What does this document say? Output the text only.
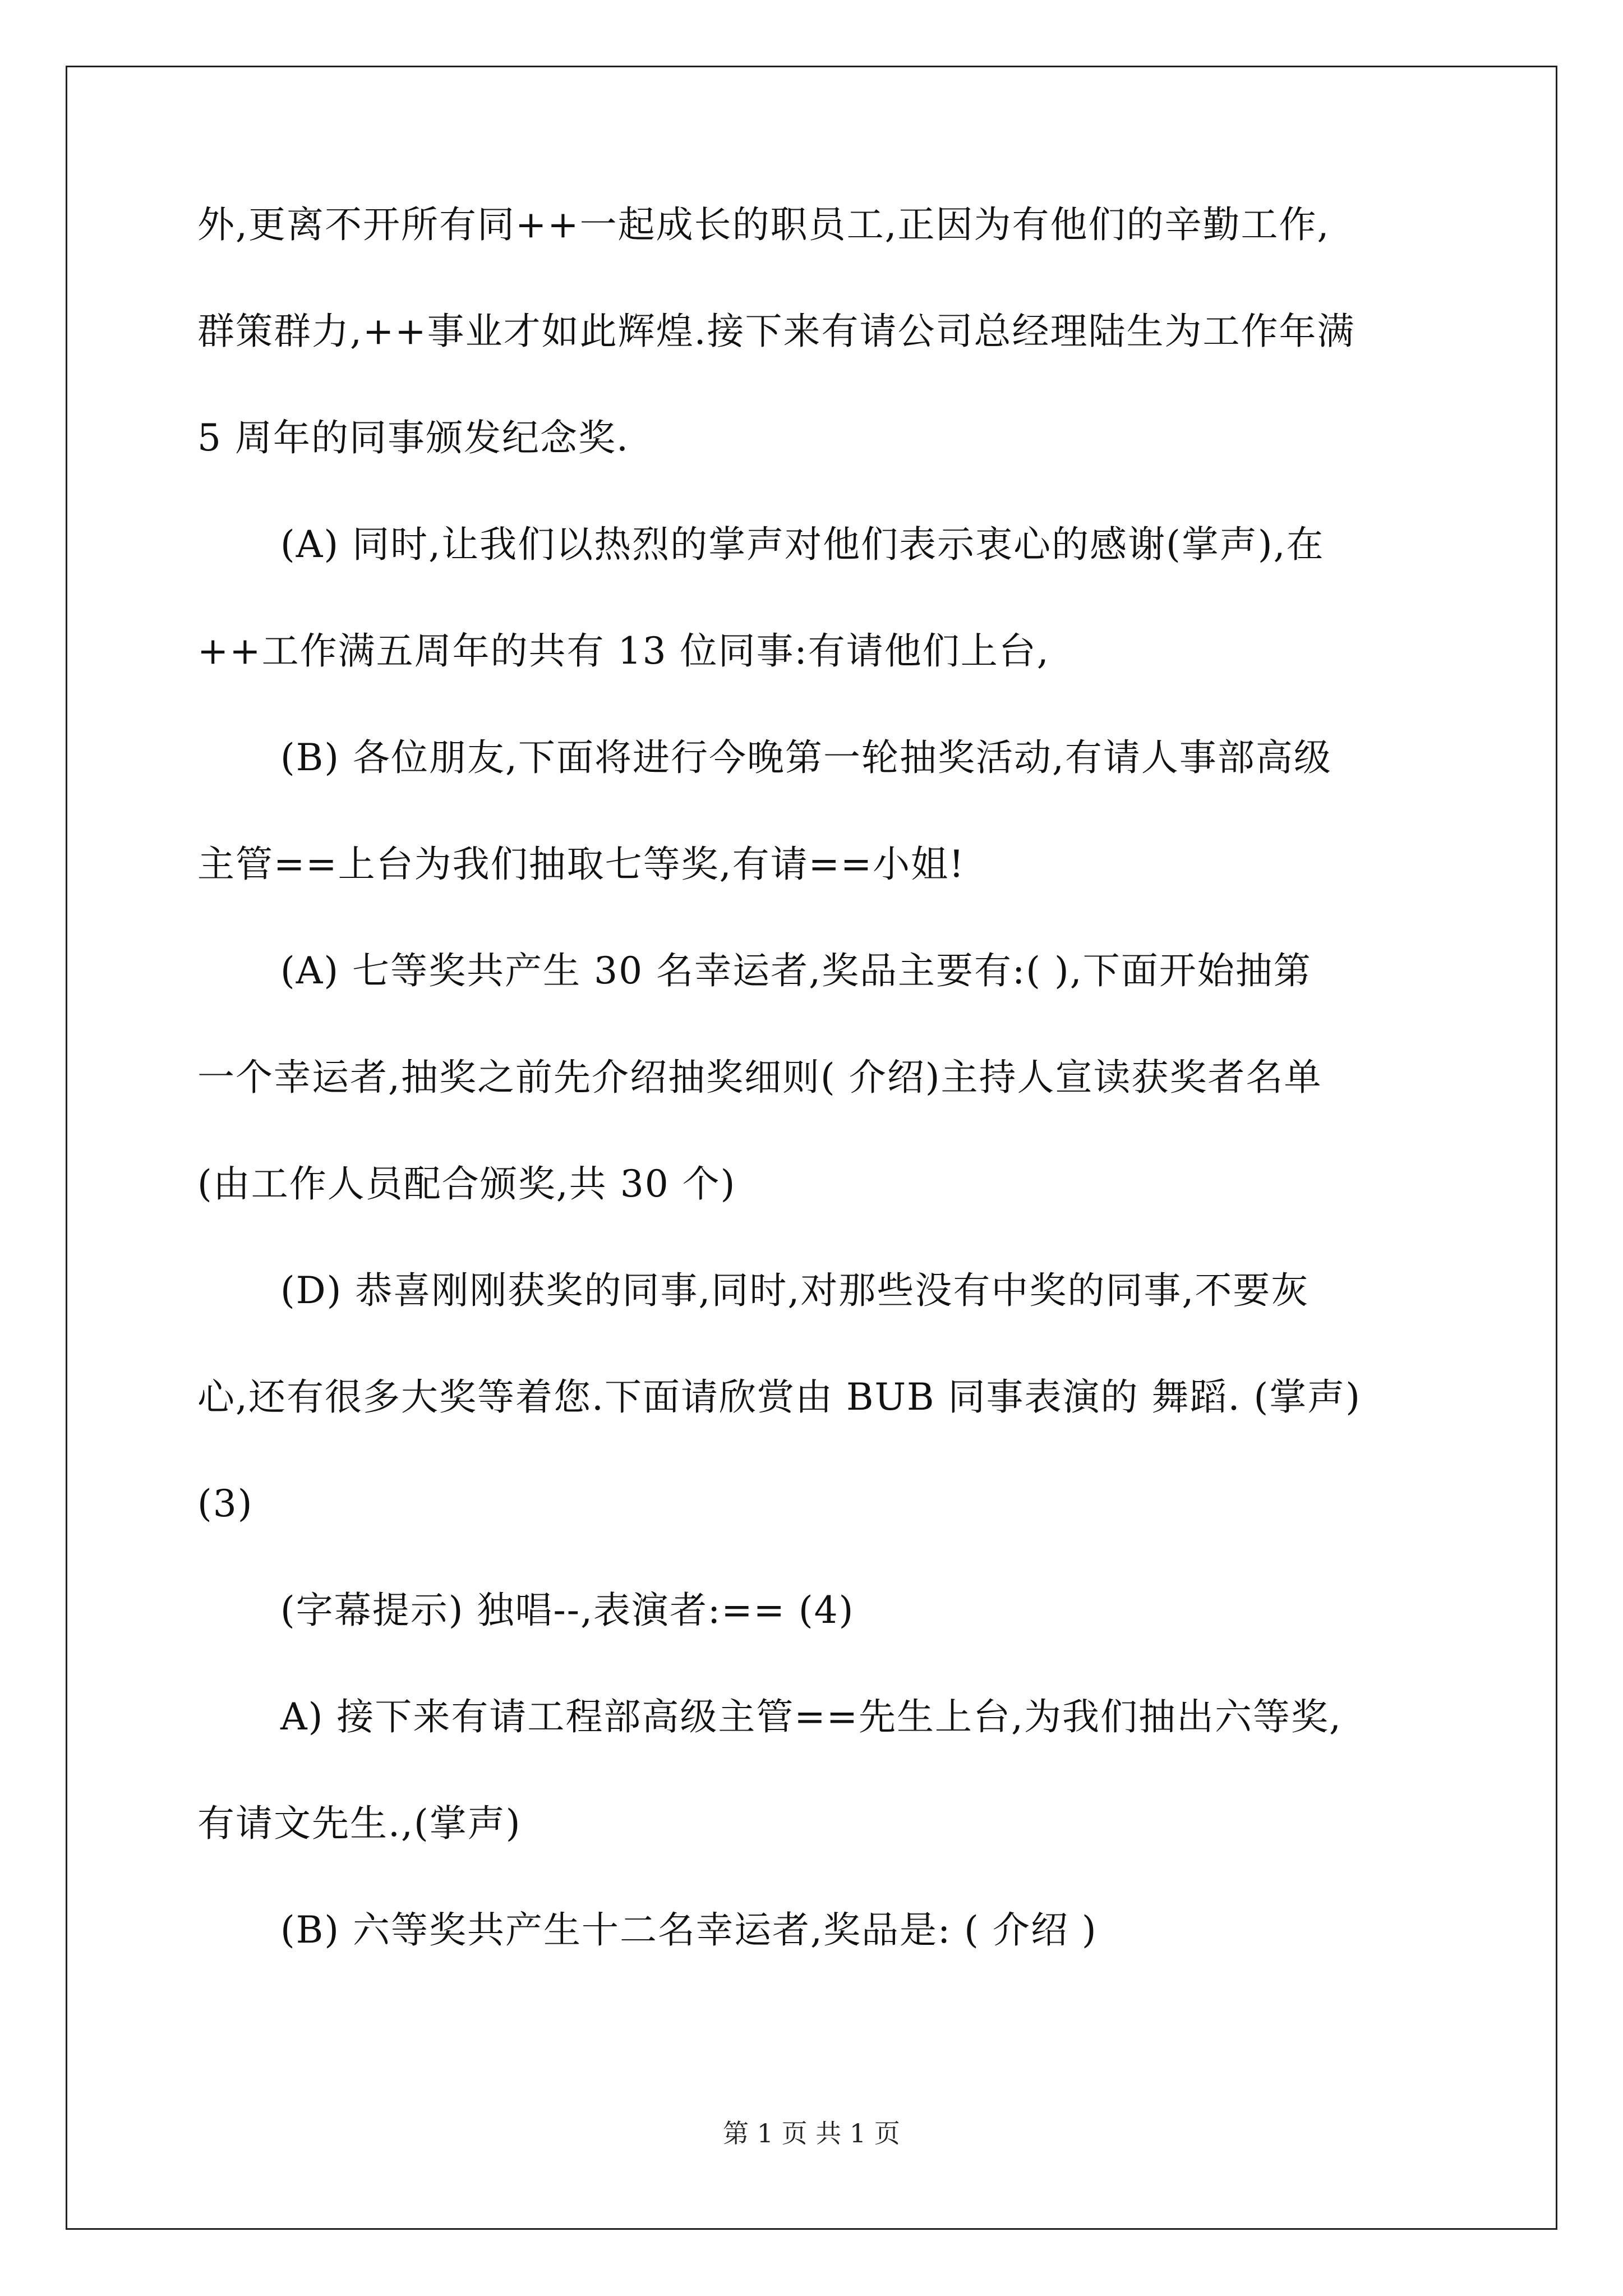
外,更离不开所有同++一起成长的职员工,正因为有他们的辛勤工作,
群策群力,++事业才如此辉煌.接下来有请公司总经理陆生为工作年满
5 周年的同事颁发纪念奖.
(A) 同时,让我们以热烈的掌声对他们表示衷心的感谢(掌声),在
++工作满五周年的共有 13 位同事:有请他们上台,
(B) 各位朋友,下面将进行今晚第一轮抽奖活动,有请人事部高级
主管==上台为我们抽取七等奖,有请==小姐!
(A) 七等奖共产生 30 名幸运者,奖品主要有:( ),下面开始抽第
一个幸运者,抽奖之前先介绍抽奖细则( 介绍)主持人宣读获奖者名单
(由工作人员配合颁奖,共 30 个)
(D) 恭喜刚刚获奖的同事,同时,对那些没有中奖的同事,不要灰
心,还有很多大奖等着您.下面请欣赏由 BUB 同事表演的 舞蹈. (掌声)
(3)
(字幕提示) 独唱--,表演者:== (4)
A) 接下来有请工程部高级主管==先生上台,为我们抽出六等奖,
有请文先生.,(掌声)
(B) 六等奖共产生十二名幸运者,奖品是: ( 介绍 )
第 1 页 共 1 页
